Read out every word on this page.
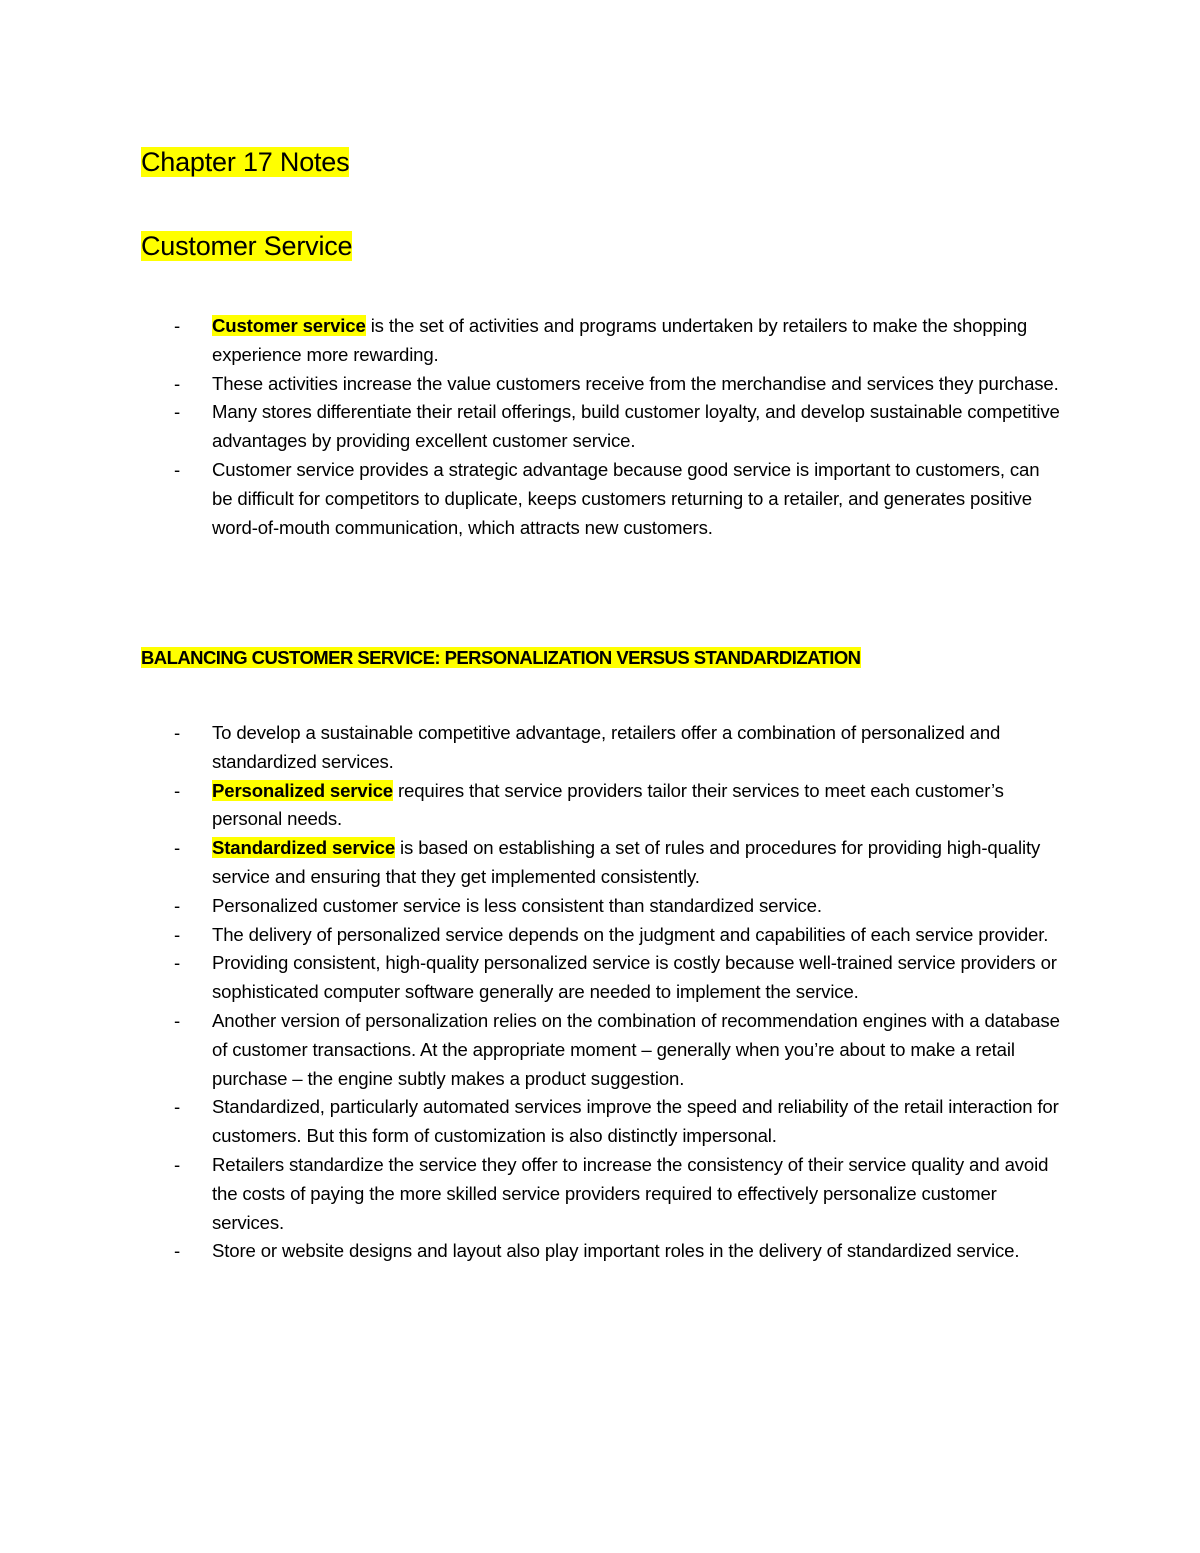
Chapter 17 Notes
Customer Service
- Customer service is the set of activities and programs undertaken by retailers to make the shopping experience more rewarding.
- These activities increase the value customers receive from the merchandise and services they purchase.
- Many stores differentiate their retail offerings, build customer loyalty, and develop sustainable competitive advantages by providing excellent customer service.
- Customer service provides a strategic advantage because good service is important to customers, can be difficult for competitors to duplicate, keeps customers returning to a retailer, and generates positive word-of-mouth communication, which attracts new customers.
BALANCING CUSTOMER SERVICE: PERSONALIZATION VERSUS STANDARDIZATION
- To develop a sustainable competitive advantage, retailers offer a combination of personalized and standardized services.
- Personalized service requires that service providers tailor their services to meet each customer’s personal needs.
- Standardized service is based on establishing a set of rules and procedures for providing high-quality service and ensuring that they get implemented consistently.
- Personalized customer service is less consistent than standardized service.
- The delivery of personalized service depends on the judgment and capabilities of each service provider.
- Providing consistent, high-quality personalized service is costly because well-trained service providers or sophisticated computer software generally are needed to implement the service.
- Another version of personalization relies on the combination of recommendation engines with a database of customer transactions. At the appropriate moment – generally when you’re about to make a retail purchase – the engine subtly makes a product suggestion.
- Standardized, particularly automated services improve the speed and reliability of the retail interaction for customers. But this form of customization is also distinctly impersonal.
- Retailers standardize the service they offer to increase the consistency of their service quality and avoid the costs of paying the more skilled service providers required to effectively personalize customer services.
- Store or website designs and layout also play important roles in the delivery of standardized service.
